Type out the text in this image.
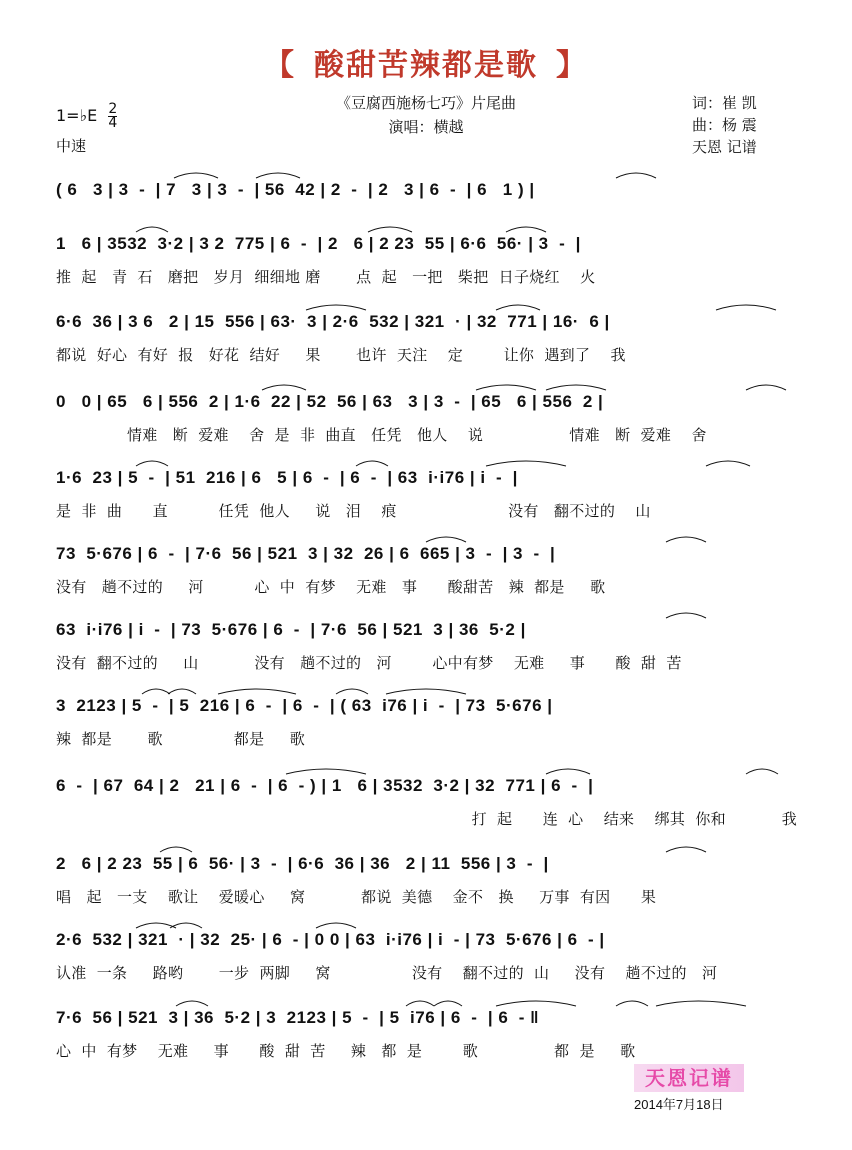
【 酸甜苦辣都是歌 】
1=♭E $\frac{2}{4}$
中速
《豆腐西施杨七巧》片尾曲
演唱：横越
词：崔 凯
曲：杨 震
天恩 记谱
( 6   3 | 3  -  | 7   3 | 3  -  | 56  42 | 2  -  | 2   3 | 6  -  | 6   1 ) |
1   6 | 3532  3·2 | 3 2  775 | 6  -  | 2   6 | 2 23  55 | 6·6  56· | 3  -  |
推  起   青  石   磨把   岁月  细细地 磨       点  起   一把   柴把  日子烧红    火
6·6  36 | 3 6   2 | 15  556 | 63·  3 | 2·6  532 | 321  · | 32  771 | 16·  6 |
都说  好心  有好  报   好花  结好     果       也许  天注    定        让你  遇到了    我
0   0 | 65   6 | 556  2 | 1·6  22 | 52  56 | 63   3 | 3  -  | 65   6 | 556  2 |
情难   断  爱难    舍  是  非  曲直   任凭   他人    说                 情难   断  爱难    舍
1·6  23 | 5  -  | 51  216 | 6   5 | 6  -  | 6  -  | 63  i·i76 | i  -  |
是  非  曲      直          任凭  他人     说   泪    痕                      没有   翻不过的    山
73  5·676 | 6  -  | 7·6  56 | 521  3 | 32  26 | 6  665 | 3  -  | 3  -  |
没有   趟不过的     河          心  中  有梦    无难   事      酸甜苦   辣  都是     歌
63  i·i76 | i  -  | 73  5·676 | 6  -  | 7·6  56 | 521  3 | 36  5·2 |
没有  翻不过的     山           没有   趟不过的   河        心中有梦    无难     事      酸  甜  苦
3  2123 | 5  -  | 5  216 | 6  -  | 6  -  | ( 63  i76 | i  -  | 73  5·676 |
辣  都是       歌              都是     歌
6  -  | 67  64 | 2   21 | 6  -  | 6  - ) | 1   6 | 3532  3·2 | 32  771 | 6  -  |
打  起      连  心    结来    绑其  你和           我
2   6 | 2 23  55 | 6  56· | 3  -  | 6·6  36 | 36   2 | 11  556 | 3  -  |
唱   起   一支    歌让    爱暖心     窝           都说  美德    金不   换     万事  有因      果
2·6  532 | 321  · | 32  25· | 6  - | 0 0 | 63  i·i76 | i  - | 73  5·676 | 6  - |
认准  一条     路哟       一步  两脚     窝                没有    翻不过的  山     没有    趟不过的   河
7·6  56 | 521  3 | 36  5·2 | 3  2123 | 5  -  | 5  i76 | 6  -  | 6  - ‖
心  中  有梦    无难     事      酸  甜  苦     辣   都  是        歌               都  是     歌
天恩记谱
2014年7月18日
